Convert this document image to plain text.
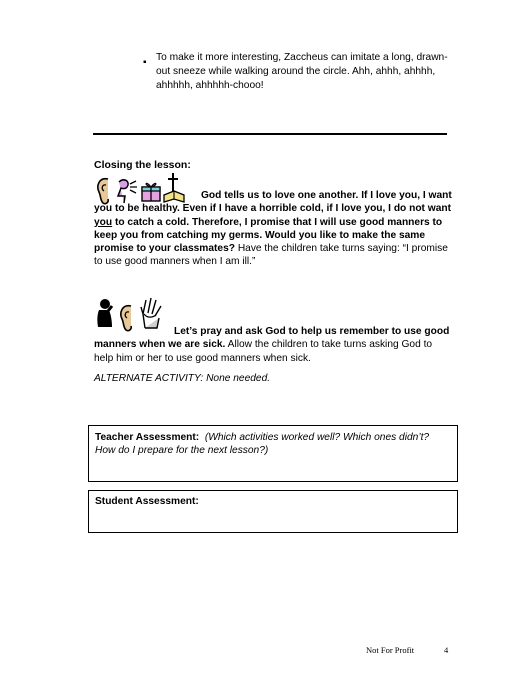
▪ To make it more interesting, Zaccheus can imitate a long, drawn-out sneeze while walking around the circle. Ahh, ahhh, ahhhh, ahhhhh, ahhhhh-chooo!
Closing the lesson:
God tells us to love one another. If I love you, I want you to be healthy. Even if I have a horrible cold, if I love you, I do not want you to catch a cold. Therefore, I promise that I will use good manners to keep you from catching my germs. Would you like to make the same promise to your classmates? Have the children take turns saying: “I promise to use good manners when I am ill.”
Let’s pray and ask God to help us remember to use good manners when we are sick. Allow the children to take turns asking God to help him or her to use good manners when sick.
ALTERNATE ACTIVITY: None needed.
Teacher Assessment: (Which activities worked well? Which ones didn’t? How do I prepare for the next lesson?)
Student Assessment:
Not For Profit	4
